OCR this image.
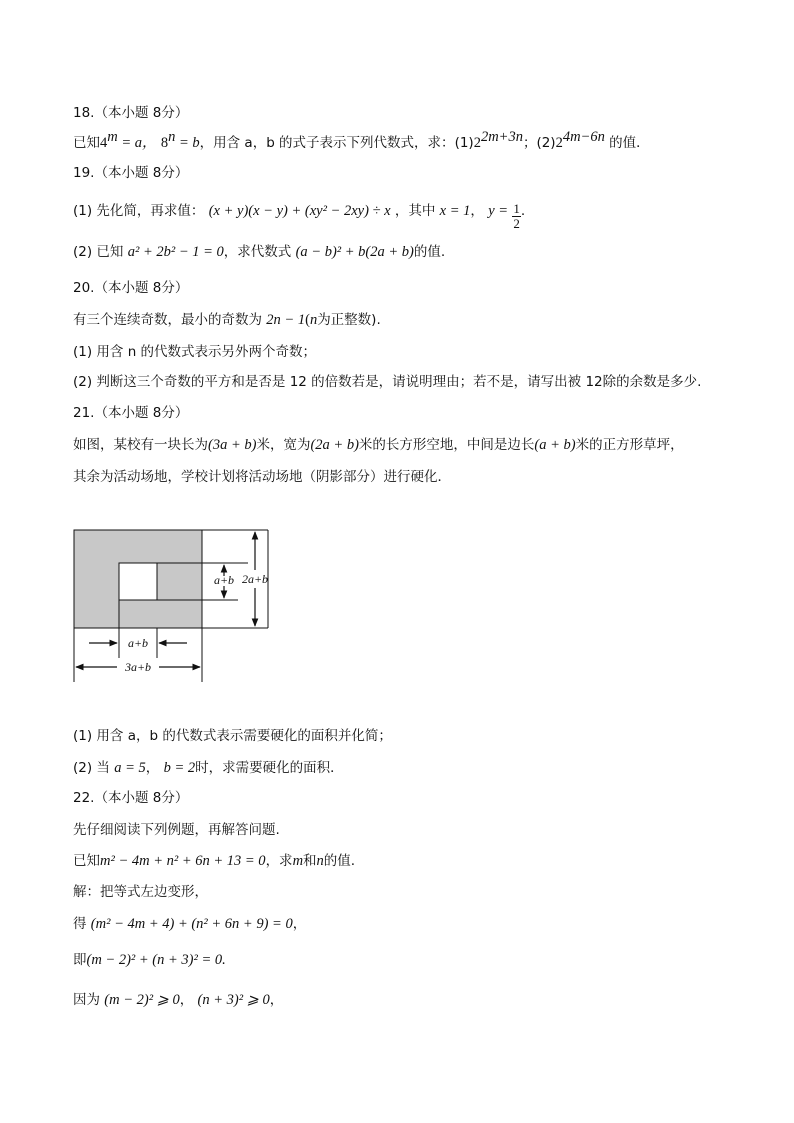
18.（本小题 8分）
已知$4^m = a$， $8^n = b$，用含 a，b 的式子表示下列代数式，求：$(1)2^{2m+3n}$；$(2)2^{4m-6n}$ 的值．
19.（本小题 8分）
(1) 先化简，再求值： (x + y)(x − y) + (xy² − 2xy) ÷ x ，其中 x = 1， $y = \frac{1}{2}$ .
(2) 已知 a² + 2b² − 1 = 0，求代数式 (a − b)² + b(2a + b)的值.
20.（本小题 8分）
有三个连续奇数，最小的奇数为 2n − 1(n为正整数).
(1) 用含 n 的代数式表示另外两个奇数；
(2) 判断这三个奇数的平方和是否是 12 的倍数若是，请说明理由；若不是，请写出被 12除的余数是多少.
21.（本小题 8分）
如图，某校有一块长为(3a + b)米，宽为(2a + b)米的长方形空地，中间是边长(a + b)米的正方形草坪，
其余为活动场地，学校计划将活动场地（阴影部分）进行硬化．
(1) 用含 a，b 的代数式表示需要硬化的面积并化简；
(2) 当 a = 5， b = 2时，求需要硬化的面积．
22.（本小题 8分）
先仔细阅读下列例题，再解答问题.
已知m² − 4m + n² + 6n + 13 = 0，求m和n的值.
解：把等式左边变形，
得 (m² − 4m + 4) + (n² + 6n + 9) = 0，
即(m − 2)² + (n + 3)² = 0.
因为 (m − 2)² ⩾ 0， (n + 3)² ⩾ 0，
a+b 2a+b
a+b
3a+b
